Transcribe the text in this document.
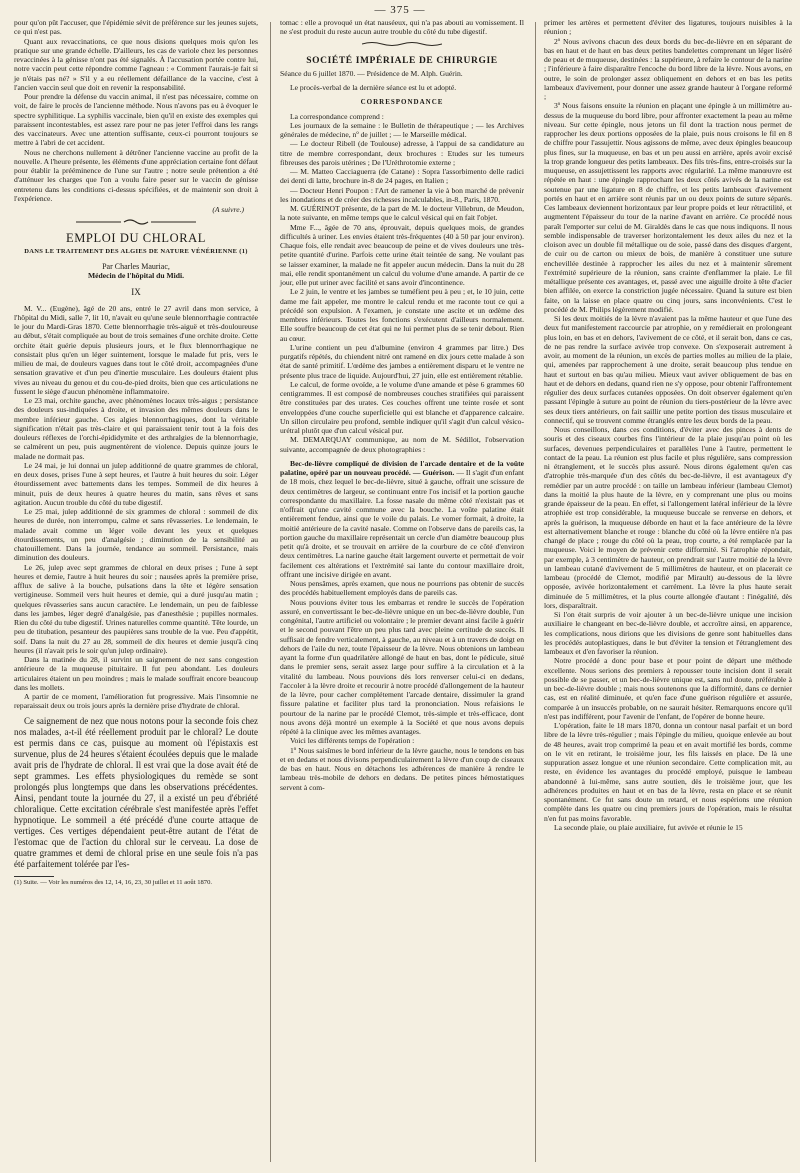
— 375 —

pour qu'on pût l'accuser, que l'épidémie sévit de préférence sur les jeunes sujets, ce qui n'est pas.

Quant aux revaccinations, ce que nous disions quelques mois qu'on les pratique sur une grande échelle. D'ailleurs, les cas de variole chez les personnes revaccinées à la génisse n'ont pas été signalés. À l'accusation portée contre lui, notre vaccin peut cette répondre comme l'agneau : « Comment l'aurais-je fait si je n'étais pas né? » S'il y a eu réellement défaillance de la vaccine, c'est à l'ancien vaccin seul que doit en revenir la responsabilité.

Pour prendre la défense du vaccin animal, il n'est pas nécessaire, comme on voit, de faire le procès de l'ancienne méthode. Nous n'avons pas eu à évoquer le spectre syphilitique. La syphilis vaccinale, bien qu'il en existe des exemples qui paraissent incontestables, est assez rare pour ne pas jeter l'effroi dans les rangs des vaccinateurs. Avec une attention suffisante, ceux-ci pourront toujours se mettre à l'abri de cet accident.

Nous ne cherchons nullement à détrôner l'ancienne vaccine au profit de la nouvelle. A l'heure présente, les éléments d'une appréciation certaine font défaut pour établir la prééminence de l'une sur l'autre ; notre seule prétention a été d'atténuer les charges que l'on a voulu faire peser sur le vaccin de génisse entretenu dans les conditions ci-dessus spécifiées, et de maintenir son droit à l'expérience.

(A suivre.)
EMPLOI DU CHLORAL
DANS LE TRAITEMENT DES ALGIES DE NATURE VÉNÉRIENNE (1)
Par Charles Mauriac,
Médecin de l'hôpital du Midi.
IX

M. V... (Eugène), âgé de 20 ans, entré le 27 avril dans mon service, à l'hôpital du Midi, salle 7, lit 10, n'avait eu qu'une seule blennorrhagie contractée le jour du Mardi-Gras 1870. Cette blennorrhagie très-aiguë et très-douloureuse au début, s'était compliquée au bout de trois semaines d'une orchite droite. Cette orchite était guérie depuis plusieurs jours, et le flux blennorrhagique ne consistait plus qu'en un léger suintement, lorsque le malade fut pris, vers le milieu de mai, de douleurs vagues dans tout le côté droit, accompagnées d'une sensation gravative et d'un peu d'inertie musculaire. Les douleurs étaient plus vives au niveau du genou et du cou-de-pied droits, bien que ces articulations ne fussent le siège d'aucun phénomène inflammatoire.

Le 23 mai, orchite gauche, avec phénomènes locaux très-aigus ; persistance des douleurs sus-indiquées à droite, et invasion des mêmes douleurs dans le membre inférieur gauche. Ces algies blennorrhagiques, dont la véritable signification n'était pas très-claire et qui paraissaient tenir tout à la fois des douleurs réflexes de l'orchi-épididymite et des arthralgies de la blennorrhagie, se calmèrent un peu, puis augmentèrent de violence. Depuis quinze jours le malade ne dormait pas.

Le 24 mai, je lui donnai un julep additionné de quatre grammes de chloral, en deux doses, prises l'une à sept heures, et l'autre à huit heures du soir. Léger étourdissement avec battements dans les tempes. Sommeil de dix heures à minuit, puis de deux heures à quatre heures du matin, sans rêves et sans agitation. Aucun trouble du côté du tube digestif.

Le 25 mai, julep additionné de six grammes de chloral : sommeil de dix heures de durée, non interrompu, calme et sans rêvasseries. Le lendemain, le malade avait comme un léger voile devant les yeux et quelques étourdissements, un peu d'analgésie ; diminution de la sensibilité au chatouillement. Dans la journée, tendance au sommeil. Persistance, mais diminution des douleurs.

Le 26, julep avec sept grammes de chloral en deux prises ; l'une à sept heures et demie, l'autre à huit heures du soir ; nausées après la première prise, afflux de salive à la bouche, pulsations dans la tête et légère sensation vertigineuse. Sommeil vers huit heures et demie, qui a duré jusqu'au matin ; quelques rêvasseries sans aucun caractère. Le lendemain, un peu de faiblesse dans les jambes, léger degré d'analgésie, pas d'anesthésie ; pupilles normales. Rien du côté du tube digestif. Urines naturelles comme quantité. Tête lourde, un peu de titubation, pesanteur des paupières sans trouble de la vue. Peu d'appétit, soif. Dans la nuit du 27 au 28, sommeil de dix heures et demie jusqu'à cinq heures (il n'avait pris le soir qu'un julep ordinaire).

Dans la matinée du 28, il survint un saignement de nez sans congestion antérieure de la muqueuse pituitaire. Il fut peu abondant. Les douleurs articulaires étaient un peu moindres ; mais le malade souffrait encore beaucoup dans les mollets.

A partir de ce moment, l'amélioration fut progressive. Mais l'insomnie ne reparaissait deux ou trois jours après la dernière prise d'hydrate de chloral.

Ce saignement de nez que nous notons pour la seconde fois chez nos malades, a-t-il été réellement produit par le chloral? Le doute est permis dans ce cas, puisque au moment où l'épistaxis est survenue, plus de 24 heures s'étaient écoulées depuis que le malade avait pris de l'hydrate de chloral. Il est vrai que la dose avait été de sept grammes. Les effets physiologiques du remède se sont prolongés plus longtemps que dans les observations précédentes. Ainsi, pendant toute la journée du 27, il a existé un peu d'ébriété chloralique. Cette excitation cérébrale s'est manifestée après l'effet hypnotique. Le sommeil a été précédé d'une courte attaque de vertiges. Ces vertiges dépendaient peut-être autant de l'état de l'estomac que de l'action du chloral sur le cerveau. La dose de quatre grammes et demi de chloral prise en une seule fois n'a pas été parfaitement tolérée par l'es-

(1) Suite. — Voir les numéros des 12, 14, 16, 23, 30 juillet et 11 août 1870.

tomac : elle a provoqué un état nauséeux, qui n'a pas abouti au vomissement. Il ne s'est produit du reste aucun autre trouble du côté du tube digestif.

SOCIÉTÉ IMPÉRIALE DE CHIRURGIE

Séance du 6 juillet 1870. — Présidence de M. Alph. Guérin.

Le procès-verbal de la dernière séance est lu et adopté.

CORRESPONDANCE

La correspondance comprend :

Les journaux de la semaine : le Bulletin de thérapeutique ; — les Archives générales de médecine, nº de juillet ; — le Marseille médical.

— Le docteur Ribell (de Toulouse) adresse, à l'appui de sa candidature au titre de membre correspondant, deux brochures : Etudes sur les tumeurs fibreuses des parois utérines ; De l'Uréthrotomie externe ;

— M. Matteo Cacciaguerra (de Catane) : Sopra l'assorbimento delle radici dei denti di latte, brochure in-8 de 24 pages, en Italien ;

— Docteur Henri Poupon : l'Art de ramener la vie à bon marché de prévenir les inondations et de créer des richesses incalculables, in-8., Paris, 1870.

M. GUÉRINOT présente, de la part de M. le docteur Villebrun, de Meudon, la note suivante, en même temps que le calcul vésical qui en fait l'objet.

Mme F..., âgée de 70 ans, éprouvait, depuis quelques mois, de grandes difficultés à uriner. Les envies étaient très-fréquentes (40 à 50 par jour environ). Chaque fois, elle rendait avec beaucoup de peine et de vives douleurs une très-petite quantité d'urine. Parfois cette urine était teintée de sang. Ne voulant pas se laisser examiner, la malade ne fit appeler aucun médecin. Dans la nuit du 28 mai, elle rendit spontanément un calcul du volume d'une amande. A partir de ce jour, elle put uriner avec facilité et sans avoir d'incontinence.

Le 2 juin, le ventre et les jambes se tuméfient peu à peu ; et, le 10 juin, cette dame me fait appeler, me montre le calcul rendu et me raconte tout ce qui a précédé son expulsion. A l'examen, je constate une ascite et un œdème des membres inférieurs. Toutes les fonctions s'exécutent d'ailleurs normalement. Elle souffre beaucoup de cet état qui ne lui permet plus de se tenir debout. Rien au cœur.

L'urine contient un peu d'albumine (environ 4 grammes par litre.) Des purgatifs répétés, du chiendent nitré ont ramené en dix jours cette malade à son état de santé primitif. L'œdème des jambes a entièrement disparu et le ventre ne présente plus trace de liquide. Aujourd'hui, 27 juin, elle est entièrement rétablie.

Le calcul, de forme ovoïde, a le volume d'une amande et pèse 6 grammes 60 centigrammes. Il est composé de nombreuses couches stratifiées qui paraissent être constituées par des urates. Ces couches offrent une teinte rosée et sont enveloppées d'une couche superficielle qui est blanche et d'apparence calcaire. Un sillon circulaire peu profond, semble indiquer qu'il s'agit d'un calcul vésico-urétral plutôt que d'un calcul vésical pur.

M. DEMARQUAY communique, au nom de M. Sédillot, l'observation suivante, accompagnée de deux photographies :

Bec-de-lièvre compliqué de division de l'arcade dentaire et de la voûte palatine, opéré par un nouveau procédé. — Guérison. — Il s'agit d'un enfant de 18 mois, chez lequel le bec-de-lièvre, situé à gauche, offrait une scissure de deux centimètres de largeur, se continuant entre l'os incisif et la portion gauche correspondante du maxillaire. La fosse nasale du même côté n'existait pas et n'offrait qu'une cavité commune avec la bouche. La voûte palatine était entièrement fendue, ainsi que le voile du palais. Le vomer formait, à droite, la moitié antérieure de la cavité nasale. Comme on l'observe dans de pareils cas, la portion gauche du maxillaire représentait un cercle d'un diamètre beaucoup plus petit qu'à droite, et se trouvait en arrière de la courbure de ce côté d'environ deux centimètres. La narine gauche était largement ouverte et permettait de voir facilement ces altérations et l'extrémité sai lante du contour maxillaire droit, offrant une incisive dirigée en avant.

Nous pensâmes, après examen, que nous ne pourrions pas obtenir de succès des procédés habituellement employés dans de pareils cas.

Nous pouvions éviter tous les embarras et rendre le succès de l'opération assuré, en convertissant le bec-de-lièvre unique en un bec-de-lièvre double, l'un congénital, l'autre artificiel ou volontaire ; le premier devant ainsi facile à guérir et le second pouvant l'être un peu plus tard avec pleine certitude de succès. Il suffisait de fendre verticalement, à gauche, au niveau et à un travers de doigt en dehors de l'aile du nez, toute l'épaisseur de la lèvre. Nous obtenions un lambeau ayant la forme d'un quadrilatère allongé de haut en bas, dont le pédicule, situé dans le premier sens, serait assez large pour suffire à la circulation et à la vitalité du lambeau. Nous pouvions dès lors renverser celui-ci en dedans, l'accoler à la lèvre droite et recourir à notre procédé d'allongement de la hauteur de la lèvre, pour cacher complétement l'arcade dentaire, dissimuler la grand fissure palatine et faciliter plus tard la prononciation. Nous refaisions le pourtour de la narine par le procédé Clemot, très-simple et très-efficace, dont nous avons déjà montré un exemple à la Société et que nous avons depuis répété à la clinique avec les mêmes avantages.

Voici les différents temps de l'opération :

1º Nous saisîmes le bord inférieur de la lèvre gauche, nous le tendons en bas et en dedans et nous divisons perpendiculairement la lèvre d'un coup de ciseaux de bas en haut. Nous en détachons les adhérences de manière à rendre le lambeau très-mobile de dehors en dedans. De petites pinces hémostatiques servent à com-

primer les artères et permettent d'éviter des ligatures, toujours nuisibles à la réunion ;

2º Nous avivons chacun des deux bords du bec-de-lièvre en en séparant de bas en haut et de haut en bas deux petites bandelettes comprenant un léger liséré de peau et de muqueuse, destinées : la supérieure, à refaire le contour de la narine ; l'inférieure à faire disparaître l'encoche du bord libre de la lèvre. Nous avons, en outre, le soin de prolonger assez obliquement en dehors et en bas les petits lambeaux d'avivement, pour donner une assez grande hauteur à l'organe reformé ;

3º Nous faisons ensuite la réunion en plaçant une épingle à un millimètre au-dessus de la muqueuse du bord libre, pour affronter exactement la peau au même niveau. Sur cette épingle, nous jetons un fil dont la traction nous permet de rapprocher les deux portions opposées de la plaie, puis nous croisons le fil en 8 de chiffre pour l'assujettir. Nous agissons de même, avec deux épingles beaucoup plus fines, sur la muqueuse, en bas et un peu aussi en arrière, après avoir excisé la trop grande longueur des petits lambeaux. Des fils très-fins, entre-croisés sur la muqueuse, en assujettissent les rapports avec régularité. La même manœuvre est répétée en haut : une épingle rapprochant les deux côtés avivés de la narine est soutenue par une ligature en 8 de chiffre, et les petits lambeaux d'avivement portés en haut et en arrière sont réunis par un ou deux points de suture séparés. Ces lambeaux deviennent horizontaux par leur propre poids et leur rétractilité, et augmentent l'épaisseur du tour de la narine d'avant en arrière. Ce procédé nous paraît l'emporter sur celui de M. Giraldès dans le cas que nous indiquons. Il nous semble indispensable de traverser horizontalement les deux ailes du nez et la cloison avec un double fil métallique ou de soie, passé dans des disques d'argent, de cuir ou de carton ou mieux de bois, de manière à constituer une suture enchevillée destinée à rapprocher les ailes du nez et à maintenir sûrement l'extrémité supérieure de la réunion, sans crainte d'enflammer la plaie. Le fil métallique présente ces avantages, et, passé avec une aiguille droite à tête d'acier bien affilée, on exerce la constriction jugée nécessaire. Quand la suture est bien faite, on la laisse en place quatre ou cinq jours, sans inconvénients. C'est le procédé de M. Philips légèrement modifié.

Si les deux moitiés de la lèvre n'avaient pas la même hauteur et que l'une des deux fut manifestement raccourcie par atrophie, on y remédierait en prolongeant plus loin, en bas et en dehors, l'avivement de ce côté, et il serait bon, dans ce cas, de ne pas rendre la surface avivée trop convexe. On s'exposerait autrement à avoir, au moment de la réunion, un excès de parties molles au milieu de la plaie, qui, amenées par rapprochement à une droite, serait beaucoup plus tendue en haut et surtout en bas qu'au milieu. Mieux vaut aviver obliquement de bas en haut et de dehors en dedans, quand rien ne s'y oppose, pour obtenir l'affrontement régulier des deux surfaces cutanées opposées. On doit observer également qu'en passant l'épingle à suture au point de réunion du tiers-postérieur de la lèvre avec ses deux tiers antérieurs, on fait saillir une petite portion des tissus musculaire et connectif, qui se trouvent comme étranglés entre les deux bords de la peau.

Nous conseillons, dans ces conditions, d'éviter avec des pinces à dents de souris et des ciseaux courbes fins l'intérieur de la plaie jusqu'au point où les surfaces, devenues perpendiculaires et parallèles l'une à l'autre, permettent le contact de la peau. La réunion est plus facile et plus régulière, sans compression ni étranglement, et le succès plus assuré. Nous dirons également qu'en cas d'atrophie très-marquée d'un des côtés du bec-de-lièvre, il est avantageux d'y remédier par un autre procédé : on taille un lambeau inférieur (lambeau Clemot) dans la moitié la plus haute de la lèvre, en y comprenant une plus ou moins grande épaisseur de la peau. En effet, si l'allongement latéral inférieur de la lèvre atrophiée est trop considérable, la muqueuse buccale se renverse en dehors, et après la guérison, la muqueuse déborde en haut et la face antérieure de la lèvre est alternativement blanche et rouge : blanche du côté où la lèvre entière n'a pas changé de place ; rouge du côté où la peau, trop courte, a été remplacée par la muqueuse. Voici le moyen de prévenir cette difformité. Si l'atrophie répondait, par exemple, à 3 centimètre de hauteur, on prendrait sur l'autre moitié de la lèvre un lambeau cutané d'avivement de 5 millimètres de hauteur, et on placerait ce lambeau (procédé de Clemot, modifié par Mirault) au-dessous de la lèvre opposée, avivée horizontalement et carrément. La lèvre la plus haute serait diminuée de 5 millimètres, et la plus courte allongée d'autant : l'inégalité, dès lors, disparaîtrait.

Si l'on était surpris de voir ajouter à un bec-de-lièvre unique une incision auxiliaire le changeant en bec-de-lièvre double, et accroître ainsi, en apparence, les complications, nous dirions que les divisions de genre sont habituelles dans les procédés autoplastiques, dans le but d'éviter la tension et l'étranglement des lambeaux et d'en favoriser la réunion.

Notre procédé a donc pour base et pour point de départ une méthode excellente. Nous serions des premiers à repousser toute incision dont il serait possible de se passer, et un bec-de-lièvre unique est, sans nul doute, préférable à un bec-de-lièvre double ; mais nous soutenons que la difformité, dans ce dernier cas, est en réalité diminuée, et qu'en face d'une guérison régulière et assurée, comparée à un insuccès probable, on ne saurait hésiter. Remarquons encore qu'il n'est pas indifférent, pour l'avenir de l'enfant, de l'opérer de bonne heure.

L'opération, faite le 18 mars 1870, donna un contour nasal parfait et un bord libre de la lèvre très-régulier ; mais l'épingle du milieu, quoique enlevée au bout de 48 heures, avait trop comprimé la peau et en avait mortifié les bords, comme on le vit en retirant, le troisième jour, les fils laissés en place. De là une suppuration assez longue et une réunion secondaire. Cette complication mit, au reste, en évidence les avantages du procédé employé, puisque le lambeau abandonné à lui-même, sans autre soutien, dès le troisième jour, que les adhérences produites en haut et en bas de la lèvre, resta en place et se réunit spontanément. Ce fut sans doute un retard, et nous espérions une réunion complète dans les quatre ou cinq premiers jours de l'opération, mais le résultat n'en fut pas moins favorable.

La seconde plaie, ou plaie auxiliaire, fut avivée et réunie le 15
